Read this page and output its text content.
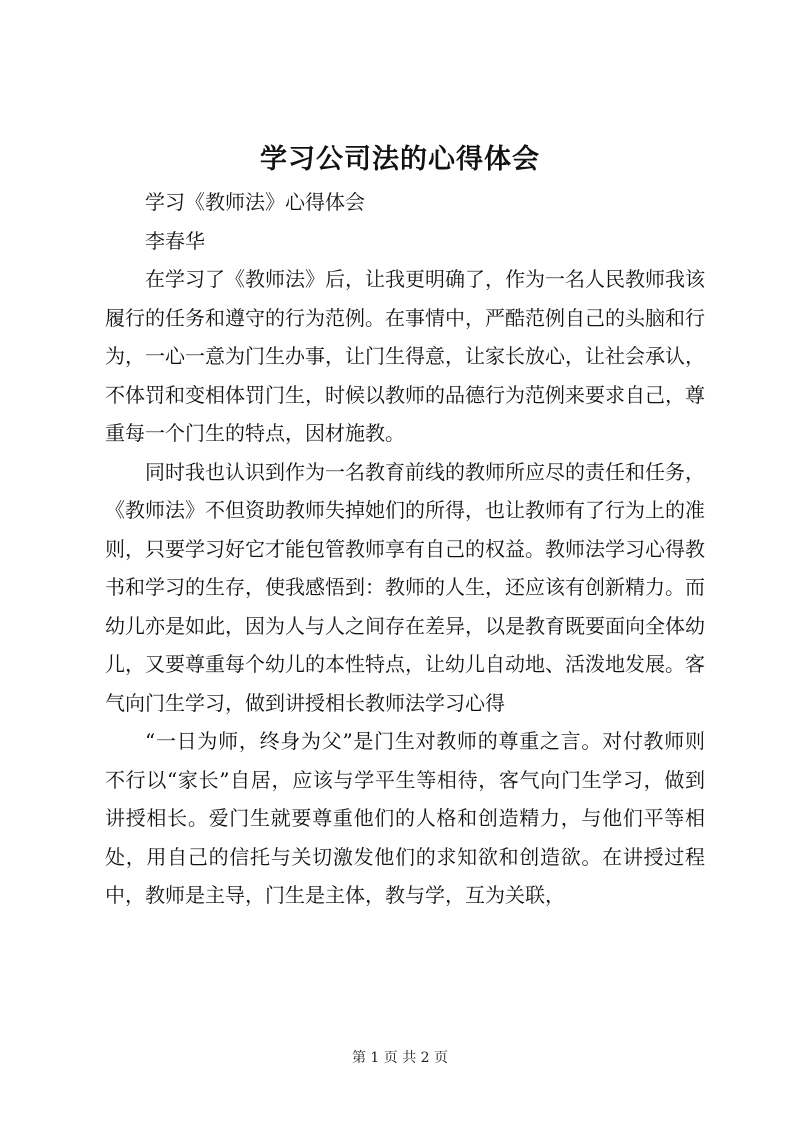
学习公司法的心得体会

学习《教师法》心得体会

李春华

在学习了《教师法》后，让我更明确了，作为一名人民教师我该履行的任务和遵守的行为范例。在事情中，严酷范例自己的头脑和行为，一心一意为门生办事，让门生得意，让家长放心，让社会承认，不体罚和变相体罚门生，时候以教师的品德行为范例来要求自己，尊重每一个门生的特点，因材施教。

同时我也认识到作为一名教育前线的教师所应尽的责任和任务，《教师法》不但资助教师失掉她们的所得，也让教师有了行为上的准则，只要学习好它才能包管教师享有自己的权益。教师法学习心得教书和学习的生存，使我感悟到：教师的人生，还应该有创新精力。而幼儿亦是如此，因为人与人之间存在差异，以是教育既要面向全体幼儿，又要尊重每个幼儿的本性特点，让幼儿自动地、活泼地发展。客气向门生学习，做到讲授相长教师法学习心得

“一日为师，终身为父”是门生对教师的尊重之言。对付教师则不行以“家长”自居，应该与学平生等相待，客气向门生学习，做到讲授相长。爱门生就要尊重他们的人格和创造精力，与他们平等相处，用自己的信托与关切激发他们的求知欲和创造欲。在讲授过程中，教师是主导，门生是主体，教与学，互为关联，

第 1 页 共 2 页
